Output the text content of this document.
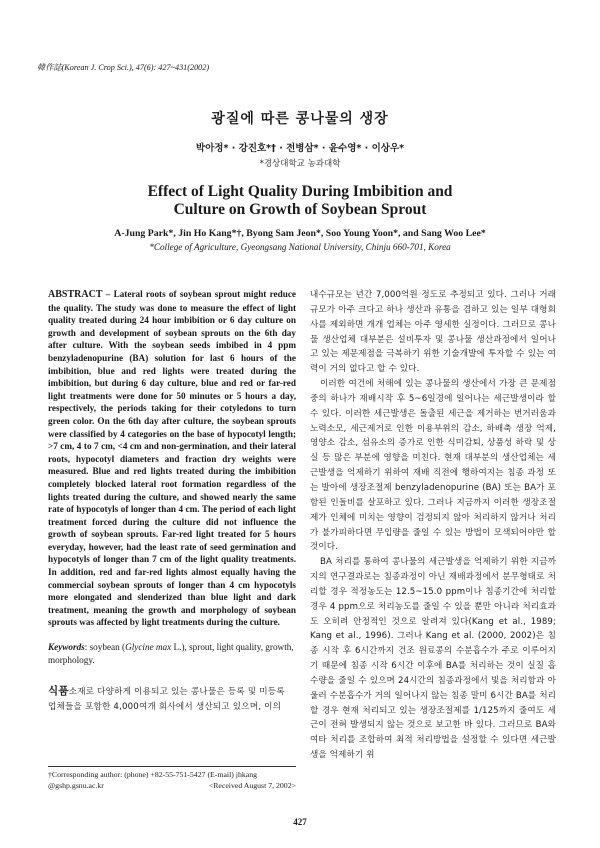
韓作誌(Korean J. Crop Sci.), 47(6): 427~431(2002)
광질에 따른 콩나물의 생장
박아정* · 강진호*† · 전병삼* · 윤수영* · 이상우*
*경상대학교 농과대학
Effect of Light Quality During Imbibition and
Culture on Growth of Soybean Sprout
A-Jung Park*, Jin Ho Kang*†, Byong Sam Jeon*, Soo Young Yoon*, and Sang Woo Lee*
*College of Agriculture, Gyeongsang National University, Chinju 660-701, Korea
ABSTRACT – Lateral roots of soybean sprout might reduce the quality. The study was done to measure the effect of light quality treated during 24 hour imbibition or 6 day culture on growth and development of soybean sprouts on the 6th day after culture. With the soybean seeds imbibed in 4 ppm benzyladenopurine (BA) solution for last 6 hours of the imbibition, blue and red lights were treated during the imbibition, but during 6 day culture, blue and red or far-red light treatments were done for 50 minutes or 5 hours a day, respectively, the periods taking for their cotyledons to turn green color. On the 6th day after culture, the soybean sprouts were classified by 4 categories on the base of hypocotyl length; >7 cm, 4 to 7 cm, <4 cm and non-germination, and their lateral roots, hypocotyl diameters and fraction dry weights were measured. Blue and red lights treated during the imbibition completely blocked lateral root formation regardless of the lights treated during the culture, and showed nearly the same rate of hypocotyls of longer than 4 cm. The period of each light treatment forced during the culture did not influence the growth of soybean sprouts. Far-red light treated for 5 hours everyday, however, had the least rate of seed germination and hypocotyls of longer than 7 cm of the light quality treatments. In addition, red and far-red lights almost equally having the commercial soybean sprouts of longer than 4 cm hypocotyls more elongated and slenderized than blue light and dark treatment, meaning the growth and morphology of soybean sprouts was affected by light treatments during the culture.
Keywords: soybean (Glycine max L.), sprout, light quality, growth, morphology.
식품소재로 다양하게 이용되고 있는 콩나물은 등록 및 미등록 업체들을 포함한 4,000여개 회사에서 생산되고 있으며, 이의
†Corresponding author: (phone) +82-55-751-5427 (E-mail) jhkang
@gshp.gsnu.ac.kr	<Received August 7, 2002>

내수규모는 년간 7,000억원 정도로 추정되고 있다. 그러나 거래규모가 아주 크다고 하나 생산과 유통을 겸하고 있는 일부 대형회사를 제외하면 개개 업체는 아주 영세한 실정이다. 그러므로 콩나물 생산업체 대부분은 설비투자 및 콩나물 생산과정에서 일어나고 있는 제문제점을 극복하기 위한 기술개발에 투자할 수 있는 여력이 거의 없다고 할 수 있다.

이러한 여건에 처해에 있는 콩나물의 생산에서 가장 큰 문제점중의 하나가 재배시작 후 5~6일경에 일어나는 세근발생이라 할 수 있다. 이러한 세근발생은 돌출된 세근을 제거하는 번거러움과 노력소모, 세근제거로 인한 이용부위의 감소, 하배축 생장 억제, 영양소 감소, 섬유소의 증가로 인한 식미감퇴, 상품성 하락 및 상실 등 많은 부분에 영향을 미친다. 현재 대부분의 생산업체는 세근발생을 억제하기 위하여 재배 직전에 행하여지는 침종 과정 또는 발아에 생장조절제 benzyladenopurine (BA) 또는 BA가 포함된 인돌비를 살포하고 있다. 그러나 지금까지 이러한 생장조절제가 인체에 미치는 영향이 검정되지 않아 처리하지 않거나 처리가 불가피하다면 무입량을 줄일 수 있는 방법이 모색되어야만 할 것이다.

BA 처리를 통하여 콩나물의 세근발생을 억제하기 위한 지금까지의 연구결과로는 침종과정이 아닌 재배과정에서 분무형태로 처리할 경우 적정농도는 12.5~15.0 ppm이나 침종기간에 처리할 경우 4 ppm으로 처리농도를 줄일 수 있을 뿐만 아니라 처리효과도 오히려 안정적인 것으로 알려져 있다(Kang et al., 1989; Kang et al., 1996). 그러나 Kang et al. (2000, 2002)은 침종 시작 후 6시간까지 건조 원료콩의 수분흡수가 주로 이루어지기 때문에 침종 시작 6시간 이후에 BA를 처리하는 것이 실질 흡수량을 줄일 수 있으며 24시간의 침종과정에서 빛을 처리함과 아울러 수분흡수가 거의 일어나지 않는 침종 말미 6시간 BA를 처리할 경우 현재 처리되고 있는 생장조절제를 1/125까지 줄여도 세근이 전혀 발생되지 않는 것으로 보고한 바 있다. 그러므로 BA와 여타 처리를 조합하여 최적 처리방법을 설정할 수 있다면 세근발생을 억제하기 위

427
